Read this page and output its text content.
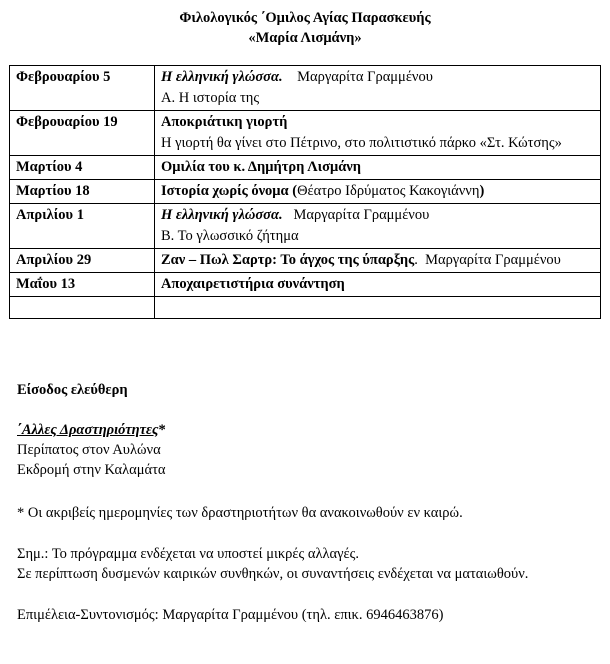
Φιλολογικός ΄Ομιλος Αγίας Παρασκευής
«Μαρία Λισμάνη»
Φεβρουαρίου 5	Η ελληνική γλώσσα. Μαργαρίτα Γραμμένου
Α. Η ιστορία της
Φεβρουαρίου 19	Αποκριάτικη γιορτή
Η γιορτή θα γίνει στο Πέτρινο, στο πολιτιστικό πάρκο «Στ. Κώτσης»
Μαρτίου 4	Ομιλία του κ. Δημήτρη Λισμάνη
Μαρτίου 18	Ιστορία χωρίς όνομα (Θέατρο Ιδρύματος Κακογιάννη)
Απριλίου 1	Η ελληνική γλώσσα. Μαργαρίτα Γραμμένου
Β. Το γλωσσικό ζήτημα
Απριλίου 29	Ζαν – Πωλ Σαρτρ: Το άγχος της ύπαρξης. Μαργαρίτα Γραμμένου
Μαΐου 13	Αποχαιρετιστήρια συνάντηση

Είσοδος ελεύθερη

΄Αλλες Δραστηριότητες*

Περίπατος στον Αυλώνα

Εκδρομή στην Καλαμάτα

* Οι ακριβείς ημερομηνίες των δραστηριοτήτων θα ανακοινωθούν εν καιρώ.

Σημ.: Το πρόγραμμα ενδέχεται να υποστεί μικρές αλλαγές.

Σε περίπτωση δυσμενών καιρικών συνθηκών, οι συναντήσεις ενδέχεται να ματαιωθούν.

Επιμέλεια-Συντονισμός: Μαργαρίτα Γραμμένου (τηλ. επικ. 6946463876)
